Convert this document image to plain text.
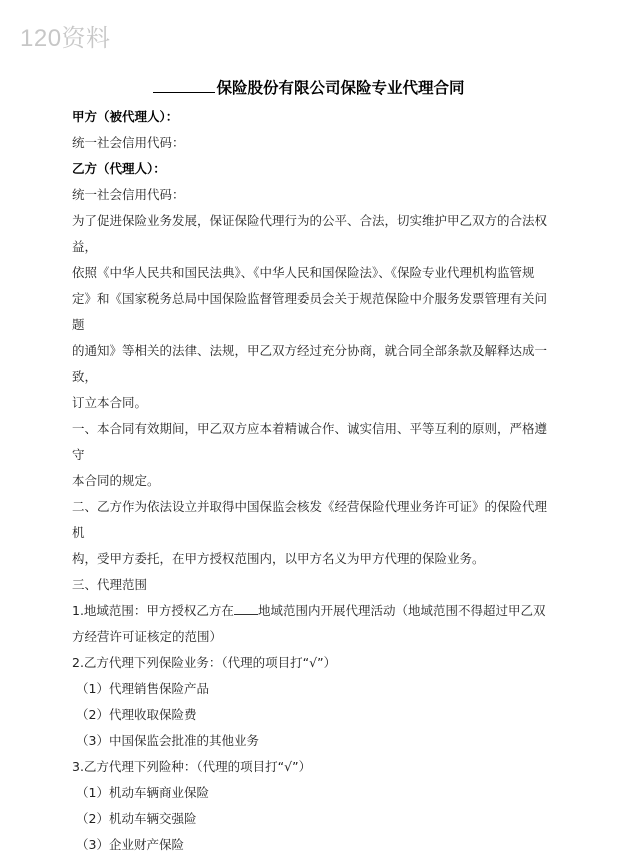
120资料
保险股份有限公司保险专业代理合同

甲方（被代理人）：

统一社会信用代码：

乙方（代理人）：

统一社会信用代码：

为了促进保险业务发展，保证保险代理行为的公平、合法，切实维护甲乙双方的合法权益，

依照《中华人民共和国民法典》、《中华人民和国保险法》、《保险专业代理机构监管规

定》和《国家税务总局中国保险监督管理委员会关于规范保险中介服务发票管理有关问题

的通知》等相关的法律、法规，甲乙双方经过充分协商，就合同全部条款及解释达成一致，

订立本合同。

一、本合同有效期间，甲乙双方应本着精诚合作、诚实信用、平等互利的原则，严格遵守

本合同的规定。

二、乙方作为依法设立并取得中国保监会核发《经营保险代理业务许可证》的保险代理机

构，受甲方委托，在甲方授权范围内，以甲方名义为甲方代理的保险业务。

三、代理范围

1.地域范围：甲方授权乙方在 地域范围内开展代理活动（地域范围不得超过甲乙双

方经营许可证核定的范围）

2.乙方代理下列保险业务：（代理的项目打“√”）

（1）代理销售保险产品

（2）代理收取保险费

（3）中国保监会批准的其他业务

3.乙方代理下列险种：（代理的项目打“√”）

（1）机动车辆商业保险

（2）机动车辆交强险

（3）企业财产保险
